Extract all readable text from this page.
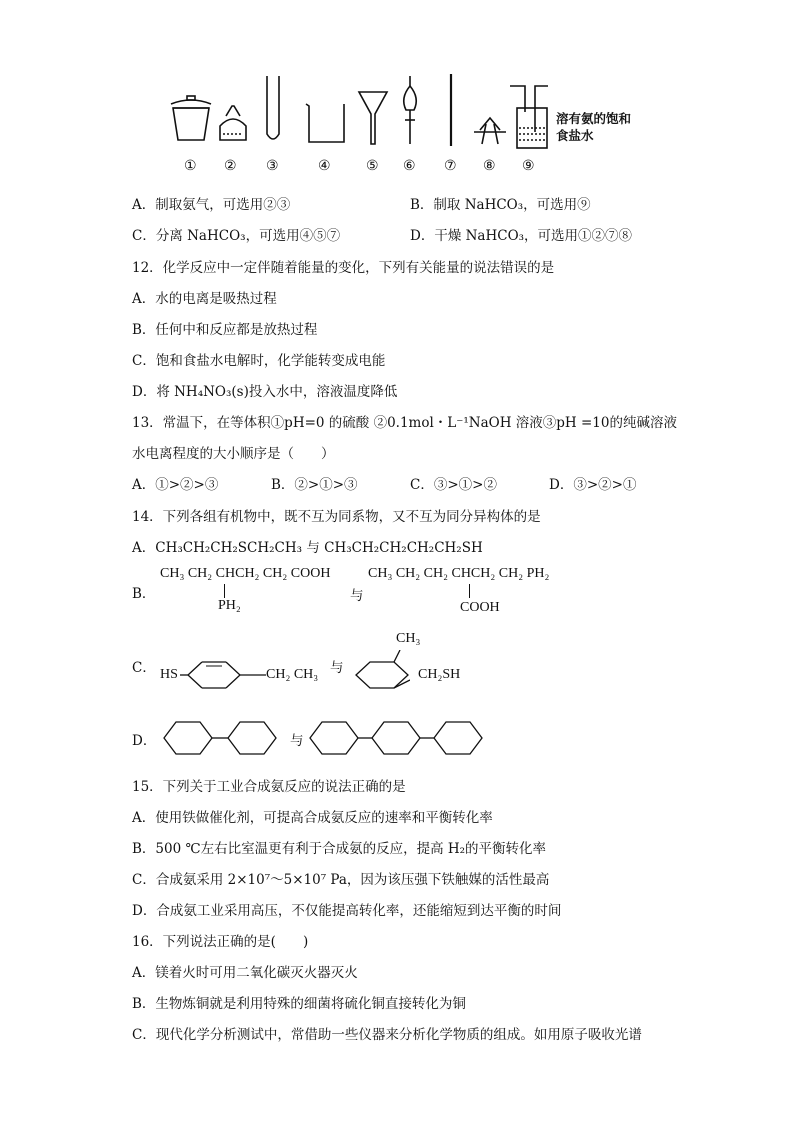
① ② ③	④	⑤ ⑥ ⑦ ⑧ ⑨
溶有氨的饱和
食盐水
A．制取氨气，可选用②③	B．制取 NaHCO₃，可选用⑨
C．分离 NaHCO₃，可选用④⑤⑦	D．干燥 NaHCO₃，可选用①②⑦⑧
12．化学反应中一定伴随着能量的变化，下列有关能量的说法错误的是
A．水的电离是吸热过程
B．任何中和反应都是放热过程
C．饱和食盐水电解时，化学能转变成电能
D．将 NH₄NO₃(s)投入水中，溶液温度降低
13．常温下，在等体积①pH=0 的硫酸 ②0.1mol・L⁻¹NaOH 溶液③pH =10的纯碱溶液
水电离程度的大小顺序是（　　）
A．①>②>③	B．②>①>③	C．③>①>②	D．③>②>①
14．下列各组有机物中，既不互为同系物，又不互为同分异构体的是
A．CH₃CH₂CH₂SCH₂CH₃ 与 CH₃CH₂CH₂CH₂CH₂SH
B．
CH₃ CH₂ CHCH₂ CH₂ COOH
PH₂
与
CH₃ CH₂ CH₂ CHCH₂ CH₂ PH₂
COOH
C． HS	CH₂ CH₃ 与
CH₃
CH₂SH
D．	与
15．下列关于工业合成氨反应的说法正确的是
A．使用铁做催化剂，可提高合成氨反应的速率和平衡转化率
B．500 ℃左右比室温更有利于合成氨的反应，提高 H₂的平衡转化率
C．合成氨采用 2×10⁷～5×10⁷ Pa，因为该压强下铁触媒的活性最高
D．合成氨工业采用高压，不仅能提高转化率，还能缩短到达平衡的时间
16．下列说法正确的是(　　)
A．镁着火时可用二氧化碳灭火器灭火
B．生物炼铜就是利用特殊的细菌将硫化铜直接转化为铜
C．现代化学分析测试中，常借助一些仪器来分析化学物质的组成。如用原子吸收光谱
